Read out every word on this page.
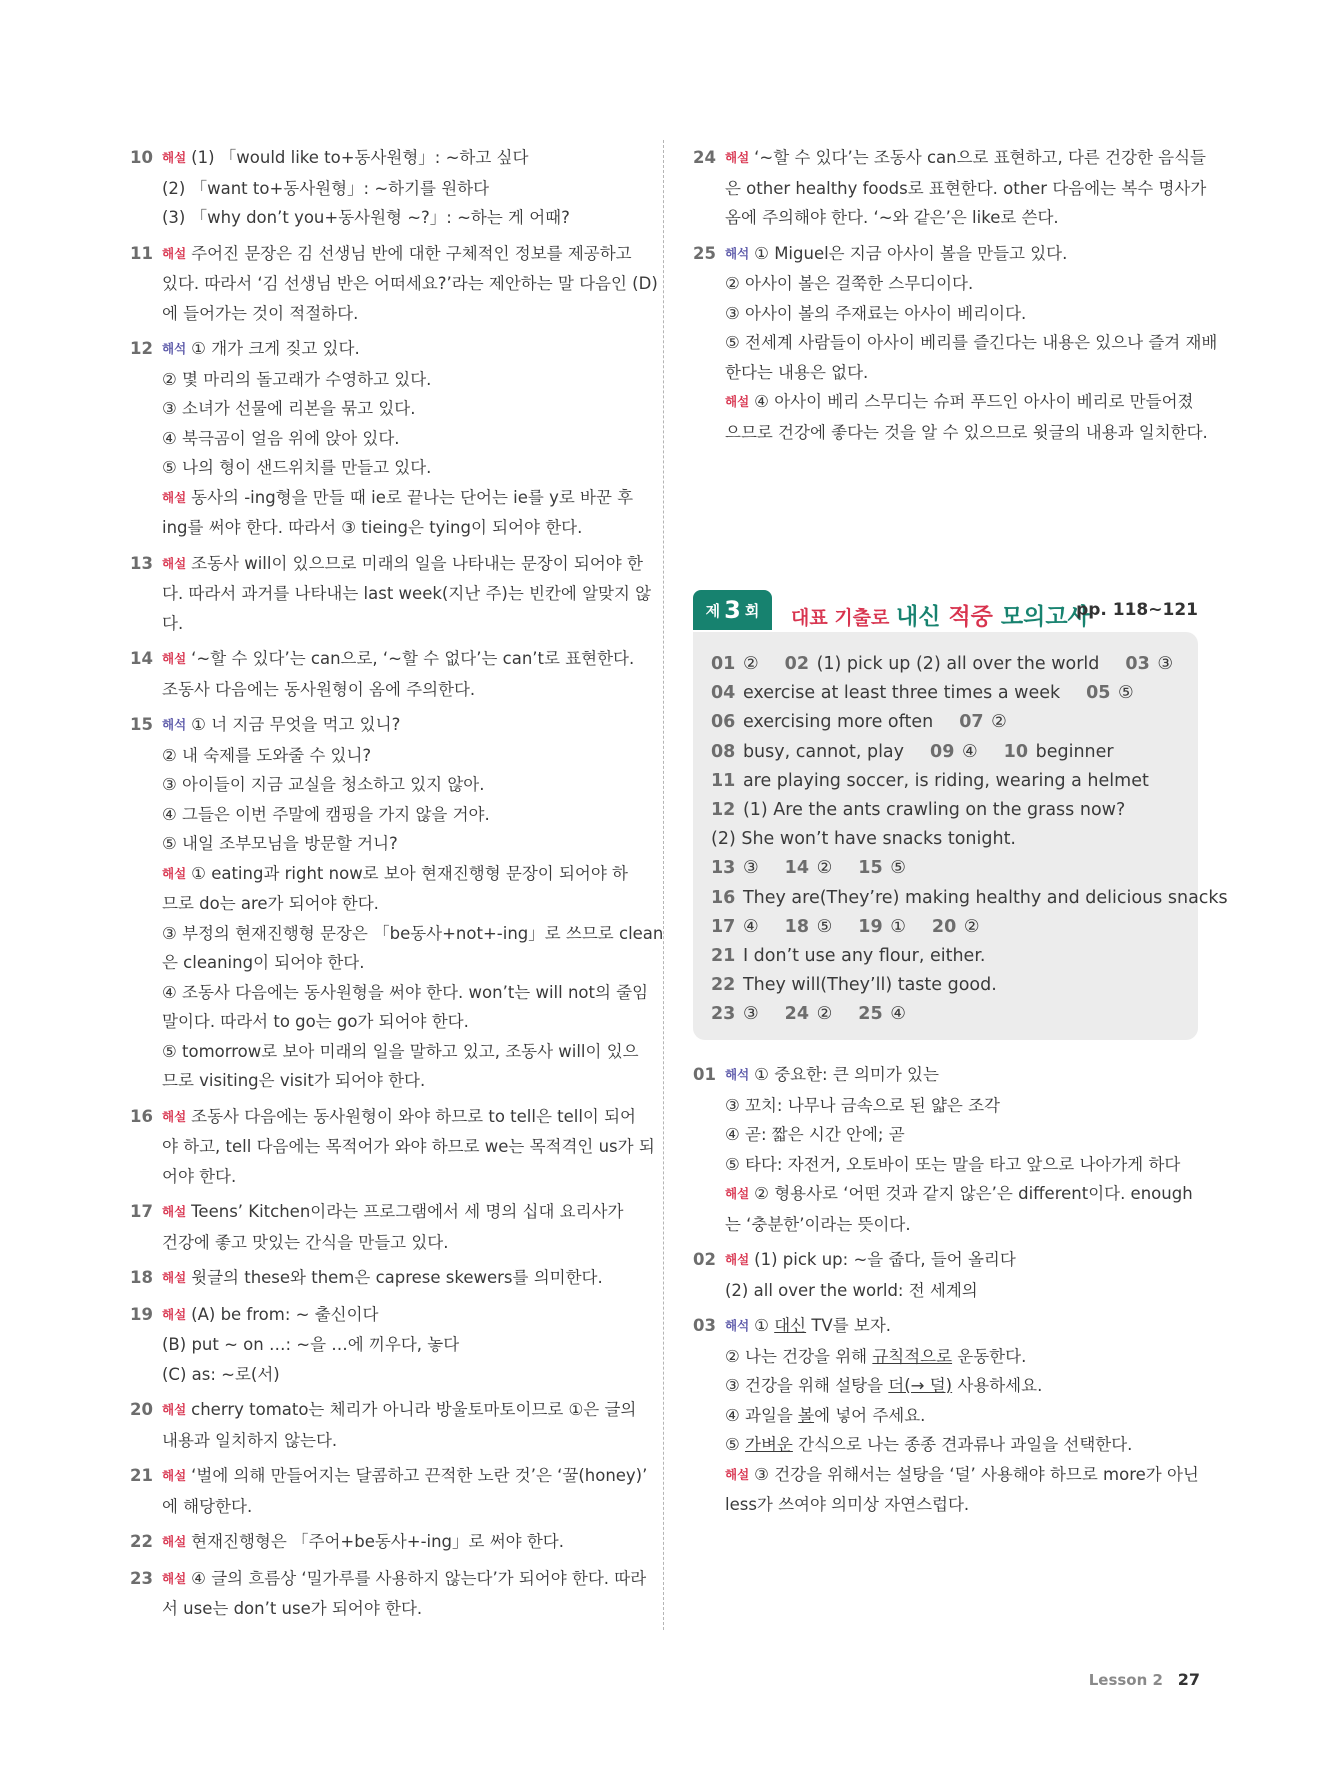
10 해설 (1) 「would like to+동사원형」: ~하고 싶다
(2) 「want to+동사원형」: ~하기를 원하다
(3) 「why don’t you+동사원형 ~?」: ~하는 게 어때?
11 해설 주어진 문장은 김 선생님 반에 대한 구체적인 정보를 제공하고
있다. 따라서 ‘김 선생님 반은 어떠세요?’라는 제안하는 말 다음인 (D)
에 들어가는 것이 적절하다.
12 해석 ① 개가 크게 짖고 있다.
② 몇 마리의 돌고래가 수영하고 있다.
③ 소녀가 선물에 리본을 묶고 있다.
④ 북극곰이 얼음 위에 앉아 있다.
⑤ 나의 형이 샌드위치를 만들고 있다.
해설 동사의 -ing형을 만들 때 ie로 끝나는 단어는 ie를 y로 바꾼 후
ing를 써야 한다. 따라서 ③ tieing은 tying이 되어야 한다.
13 해설 조동사 will이 있으므로 미래의 일을 나타내는 문장이 되어야 한
다. 따라서 과거를 나타내는 last week(지난 주)는 빈칸에 알맞지 않
다.
14 해설 ‘~할 수 있다’는 can으로, ‘~할 수 없다’는 can’t로 표현한다.
조동사 다음에는 동사원형이 옴에 주의한다.
15 해석 ① 너 지금 무엇을 먹고 있니?
② 내 숙제를 도와줄 수 있니?
③ 아이들이 지금 교실을 청소하고 있지 않아.
④ 그들은 이번 주말에 캠핑을 가지 않을 거야.
⑤ 내일 조부모님을 방문할 거니?
해설 ① eating과 right now로 보아 현재진행형 문장이 되어야 하
므로 do는 are가 되어야 한다.
③ 부정의 현재진행형 문장은 「be동사+not+-ing」로 쓰므로 clean
은 cleaning이 되어야 한다.
④ 조동사 다음에는 동사원형을 써야 한다. won’t는 will not의 줄임
말이다. 따라서 to go는 go가 되어야 한다.
⑤ tomorrow로 보아 미래의 일을 말하고 있고, 조동사 will이 있으
므로 visiting은 visit가 되어야 한다.
16 해설 조동사 다음에는 동사원형이 와야 하므로 to tell은 tell이 되어
야 하고, tell 다음에는 목적어가 와야 하므로 we는 목적격인 us가 되
어야 한다.
17 해설 Teens’ Kitchen이라는 프로그램에서 세 명의 십대 요리사가
건강에 좋고 맛있는 간식을 만들고 있다.
18 해설 윗글의 these와 them은 caprese skewers를 의미한다.
19 해설 (A) be from: ~ 출신이다
(B) put ~ on …: ~을 …에 끼우다, 놓다
(C) as: ~로(서)
20 해설 cherry tomato는 체리가 아니라 방울토마토이므로 ①은 글의
내용과 일치하지 않는다.
21 해설 ‘벌에 의해 만들어지는 달콤하고 끈적한 노란 것’은 ‘꿀(honey)’
에 해당한다.
22 해설 현재진행형은 「주어+be동사+-ing」로 써야 한다.
23 해설 ④ 글의 흐름상 ‘밀가루를 사용하지 않는다’가 되어야 한다. 따라
서 use는 don’t use가 되어야 한다.
24 해설 ‘~할 수 있다’는 조동사 can으로 표현하고, 다른 건강한 음식들
은 other healthy foods로 표현한다. other 다음에는 복수 명사가
옴에 주의해야 한다. ‘~와 같은’은 like로 쓴다.
25 해석 ① Miguel은 지금 아사이 볼을 만들고 있다.
② 아사이 볼은 걸쭉한 스무디이다.
③ 아사이 볼의 주재료는 아사이 베리이다.
⑤ 전세계 사람들이 아사이 베리를 즐긴다는 내용은 있으나 즐겨 재배
한다는 내용은 없다.
해설 ④ 아사이 베리 스무디는 슈퍼 푸드인 아사이 베리로 만들어졌
으므로 건강에 좋다는 것을 알 수 있으므로 윗글의 내용과 일치한다.
제 3 회 대표 기출로 내신 적중 모의고사
pp. 118~121
01 ② 02 (1) pick up (2) all over the world 03 ③
04 exercise at least three times a week 05 ⑤
06 exercising more often 07 ②
08 busy, cannot, play 09 ④ 10 beginner
11 are playing soccer, is riding, wearing a helmet
12 (1) Are the ants crawling on the grass now?
(2) She won’t have snacks tonight.
13 ③ 14 ② 15 ⑤
16 They are(They’re) making healthy and delicious snacks
17 ④ 18 ⑤ 19 ① 20 ②
21 I don’t use any flour, either.
22 They will(They’ll) taste good.
23 ③ 24 ② 25 ④
01 해석 ① 중요한: 큰 의미가 있는
③ 꼬치: 나무나 금속으로 된 얇은 조각
④ 곧: 짧은 시간 안에; 곧
⑤ 타다: 자전거, 오토바이 또는 말을 타고 앞으로 나아가게 하다
해설 ② 형용사로 ‘어떤 것과 같지 않은’은 different이다. enough
는 ‘충분한’이라는 뜻이다.
02 해설 (1) pick up: ~을 줍다, 들어 올리다
(2) all over the world: 전 세계의
03 해석 ① 대신 TV를 보자.
② 나는 건강을 위해 규칙적으로 운동한다.
③ 건강을 위해 설탕을 더(→ 덜) 사용하세요.
④ 과일을 볼에 넣어 주세요.
⑤ 가벼운 간식으로 나는 종종 견과류나 과일을 선택한다.
해설 ③ 건강을 위해서는 설탕을 ‘덜’ 사용해야 하므로 more가 아닌
less가 쓰여야 의미상 자연스럽다.
Lesson 2 27
